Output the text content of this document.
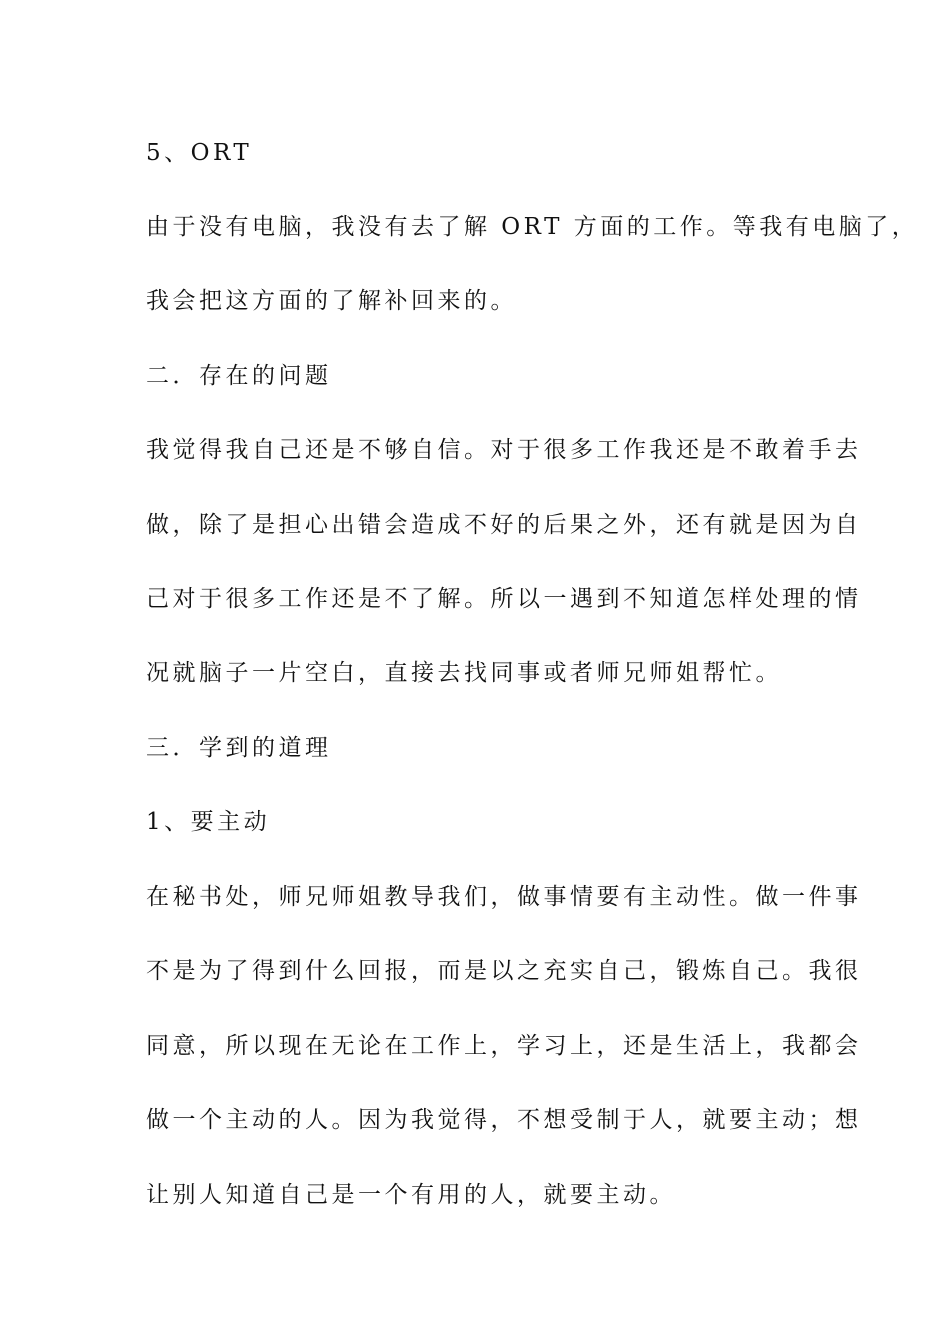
5、ORT
由于没有电脑，我没有去了解 ORT 方面的工作。等我有电脑了，
我会把这方面的了解补回来的。
二．存在的问题
我觉得我自己还是不够自信。对于很多工作我还是不敢着手去
做，除了是担心出错会造成不好的后果之外，还有就是因为自
己对于很多工作还是不了解。所以一遇到不知道怎样处理的情
况就脑子一片空白，直接去找同事或者师兄师姐帮忙。
三．学到的道理
1、要主动
在秘书处，师兄师姐教导我们，做事情要有主动性。做一件事
不是为了得到什么回报，而是以之充实自己，锻炼自己。我很
同意，所以现在无论在工作上，学习上，还是生活上，我都会
做一个主动的人。因为我觉得，不想受制于人，就要主动；想
让别人知道自己是一个有用的人，就要主动。
